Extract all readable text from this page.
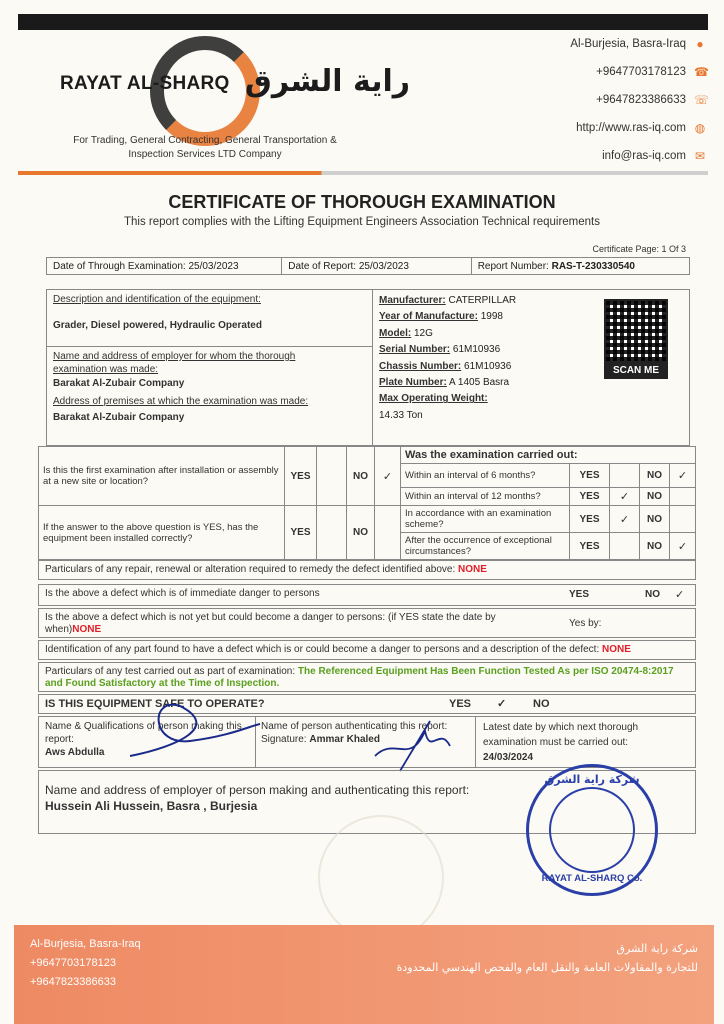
RAYAT AL-SHARQ راية الشرق
For Trading, General Contracting, General Transportation & Inspection Services LTD Company
Al-Burjesia, Basra-Iraq ●
+9647703178123 ☎
+9647823386633 ☏
http://www.ras-iq.com ◍
info@ras-iq.com ✉
CERTIFICATE OF THOROUGH EXAMINATION
This report complies with the Lifting Equipment Engineers Association Technical requirements
Certificate Page: 1 Of 3
Date of Through Examination: 25/03/2023	Date of Report: 25/03/2023	Report Number: RAS-T-230330540
Description and identification of the equipment:
Grader, Diesel powered, Hydraulic Operated
Name and address of employer for whom the thorough examination was made:
Barakat Al-Zubair Company
Address of premises at which the examination was made:
Barakat Al-Zubair Company
Manufacturer: CATERPILLAR
Year of Manufacture: 1998
Model: 12G
Serial Number: 61M10936
Chassis Number: 61M10936
Plate Number: A 1405 Basra
Max Operating Weight:
14.33 Ton
SCAN ME
Is this the first examination after installation or assembly at a new site or location?	YES		NO	✓	Was the examination carried out:				
					Within an interval of 6 months?	YES		NO	✓
					Within an interval of 12 months?	YES	✓	NO	
If the answer to the above question is YES, has the equipment been installed correctly?	YES		NO		In accordance with an examination scheme?	YES	✓	NO	
					After the occurrence of exceptional circumstances?	YES		NO	✓
Particulars of any repair, renewal or alteration required to remedy the defect identified above: NONE
Is the above a defect which is of immediate danger to persons	YES	NO ✓
Is the above a defect which is not yet but could become a danger to persons: (if YES state the date by when)NONE
Yes by:
Identification of any part found to have a defect which is or could become a danger to persons and a description of the defect: NONE
Particulars of any test carried out as part of examination: The Referenced Equipment Has Been Function Tested As per ISO 20474-8:2017 and Found Satisfactory at the Time of Inspection.
IS THIS EQUIPMENT SAFE TO OPERATE?	YES ✓ NO
Name & Qualifications of person making this report:
Aws Abdulla
Name of person authenticating this report:
Signature: Ammar Khaled
Latest date by which next thorough examination must be carried out:
24/03/2024
Name and address of employer of person making and authenticating this report:
Hussein Ali Hussein, Basra , Burjesia
شركة راية الشرق
RAYAT AL-SHARQ Co.
Al-Burjesia, Basra-Iraq
+9647703178123
+9647823386633
شركة راية الشرق
للتجارة والمقاولات العامة والنقل العام والفحص الهندسي المحدودة
